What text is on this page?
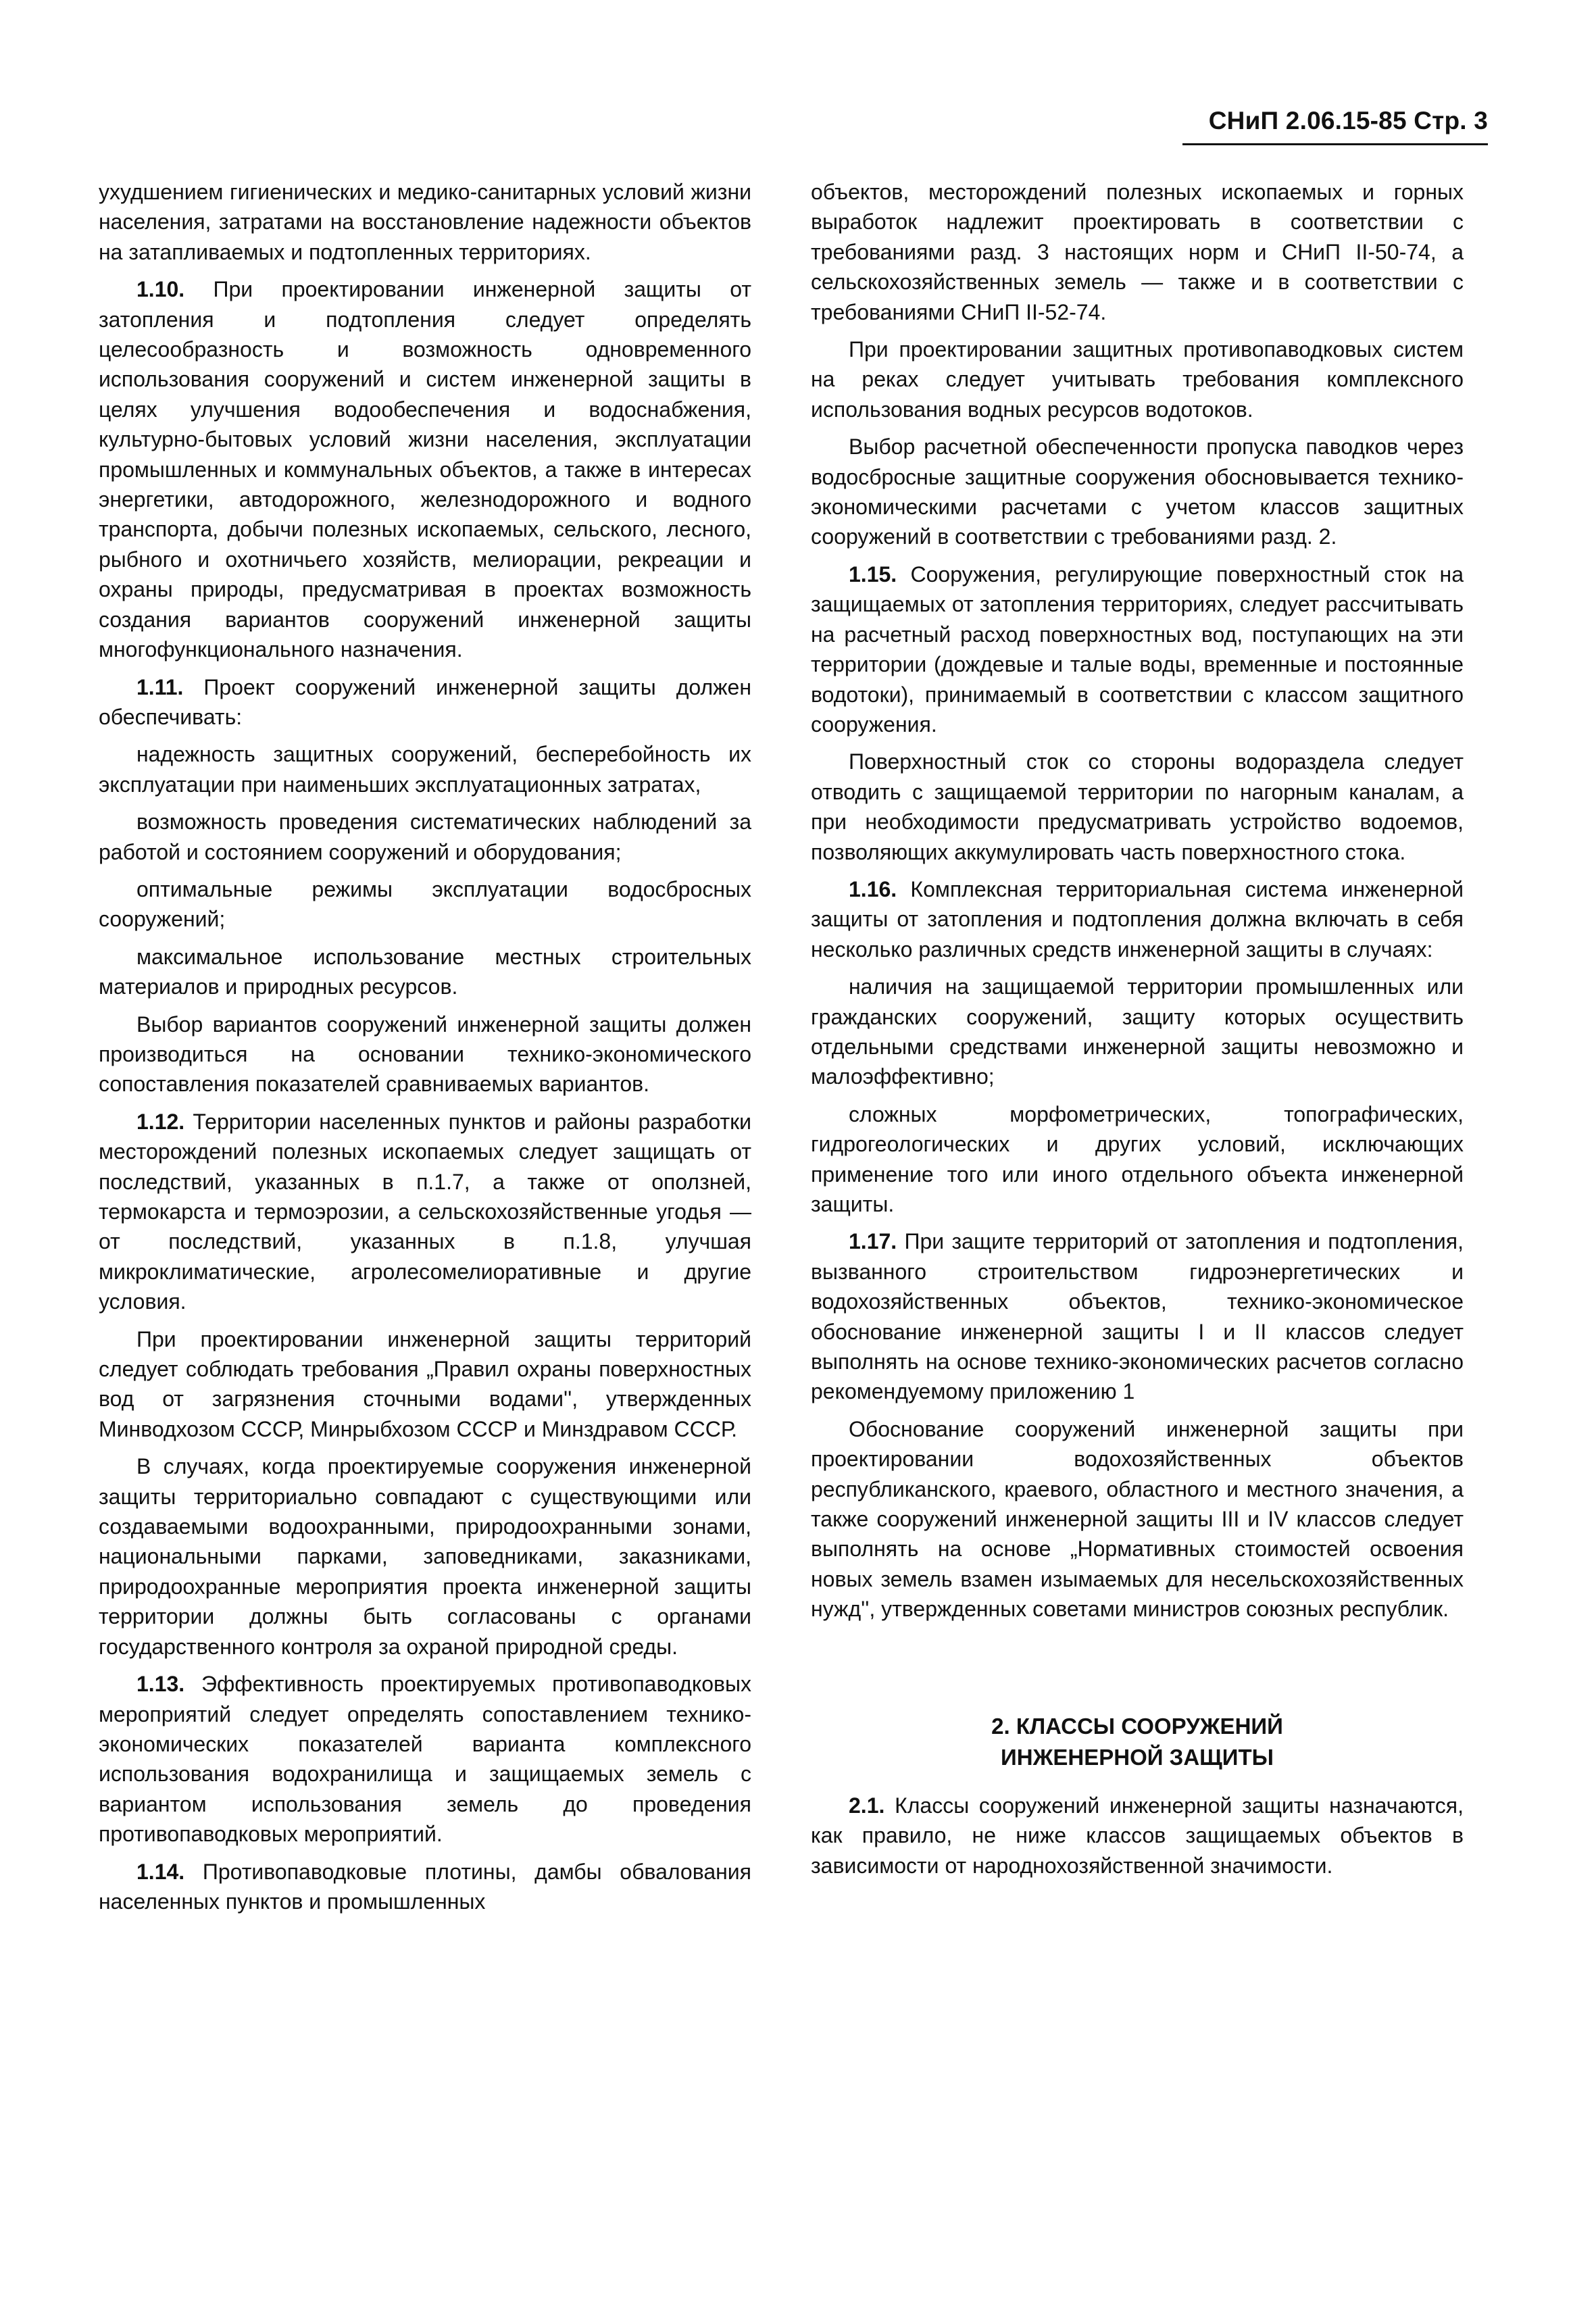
СНиП 2.06.15-85 Стр. 3

ухудшением гигиенических и медико-санитарных условий жизни населения, затратами на восстановление надежности объектов на затапливаемых и подтопленных территориях.

1.10. При проектировании инженерной защиты от затопления и подтопления следует определять целесообразность и возможность одновременного использования сооружений и систем инженерной защиты в целях улучшения водообеспечения и водоснабжения, культурно-бытовых условий жизни населения, эксплуатации промышленных и коммунальных объектов, а также в интересах энергетики, автодорожного, железнодорожного и водного транспорта, добычи полезных ископаемых, сельского, лесного, рыбного и охотничьего хозяйств, мелиорации, рекреации и охраны природы, предусматривая в проектах возможность создания вариантов сооружений инженерной защиты многофункционального назначения.

1.11. Проект сооружений инженерной защиты должен обеспечивать:

надежность защитных сооружений, бесперебойность их эксплуатации при наименьших эксплуатационных затратах,

возможность проведения систематических наблюдений за работой и состоянием сооружений и оборудования;

оптимальные режимы эксплуатации водосбросных сооружений;

максимальное использование местных строительных материалов и природных ресурсов.

Выбор вариантов сооружений инженерной защиты должен производиться на основании технико-экономического сопоставления показателей сравниваемых вариантов.

1.12. Территории населенных пунктов и районы разработки месторождений полезных ископаемых следует защищать от последствий, указанных в п.1.7, а также от оползней, термокарста и термоэрозии, а сельскохозяйственные угодья — от последствий, указанных в п.1.8, улучшая микроклиматические, агролесомелиоративные и другие условия.

При проектировании инженерной защиты территорий следует соблюдать требования „Правил охраны поверхностных вод от загрязнения сточными водами'', утвержденных Минводхозом СССР, Минрыбхозом СССР и Минздравом СССР.

В случаях, когда проектируемые сооружения инженерной защиты территориально совпадают с существующими или создаваемыми водоохранными, природоохранными зонами, национальными парками, заповедниками, заказниками, природоохранные мероприятия проекта инженерной защиты территории должны быть согласованы с органами государственного контроля за охраной природной среды.

1.13. Эффективность проектируемых противопаводковых мероприятий следует определять сопоставлением технико-экономических показателей варианта комплексного использования водохранилища и защищаемых земель с вариантом использования земель до проведения противопаводковых мероприятий.

1.14. Противопаводковые плотины, дамбы обвалования населенных пунктов и промышленных

объектов, месторождений полезных ископаемых и горных выработок надлежит проектировать в соответствии с требованиями разд. 3 настоящих норм и СНиП II-50-74, а сельскохозяйственных земель — также и в соответствии с требованиями СНиП II-52-74.

При проектировании защитных противопаводковых систем на реках следует учитывать требования комплексного использования водных ресурсов водотоков.

Выбор расчетной обеспеченности пропуска паводков через водосбросные защитные сооружения обосновывается технико-экономическими расчетами с учетом классов защитных сооружений в соответствии с требованиями разд. 2.

1.15. Сооружения, регулирующие поверхностный сток на защищаемых от затопления территориях, следует рассчитывать на расчетный расход поверхностных вод, поступающих на эти территории (дождевые и талые воды, временные и постоянные водотоки), принимаемый в соответствии с классом защитного сооружения.

Поверхностный сток со стороны водораздела следует отводить с защищаемой территории по нагорным каналам, а при необходимости предусматривать устройство водоемов, позволяющих аккумулировать часть поверхностного стока.

1.16. Комплексная территориальная система инженерной защиты от затопления и подтопления должна включать в себя несколько различных средств инженерной защиты в случаях:

наличия на защищаемой территории промышленных или гражданских сооружений, защиту которых осуществить отдельными средствами инженерной защиты невозможно и малоэффективно;

сложных морфометрических, топографических, гидрогеологических и других условий, исключающих применение того или иного отдельного объекта инженерной защиты.

1.17. При защите территорий от затопления и подтопления, вызванного строительством гидроэнергетических и водохозяйственных объектов, технико-экономическое обоснование инженерной защиты I и II классов следует выполнять на основе технико-экономических расчетов согласно рекомендуемому приложению 1

Обоснование сооружений инженерной защиты при проектировании водохозяйственных объектов республиканского, краевого, областного и местного значения, а также сооружений инженерной защиты III и IV классов следует выполнять на основе „Нормативных стоимостей освоения новых земель взамен изымаемых для несельскохозяйственных нужд'', утвержденных советами министров союзных республик.

2. КЛАССЫ СООРУЖЕНИЙ
ИНЖЕНЕРНОЙ ЗАЩИТЫ

2.1. Классы сооружений инженерной защиты назначаются, как правило, не ниже классов защищаемых объектов в зависимости от народнохозяйственной значимости.
